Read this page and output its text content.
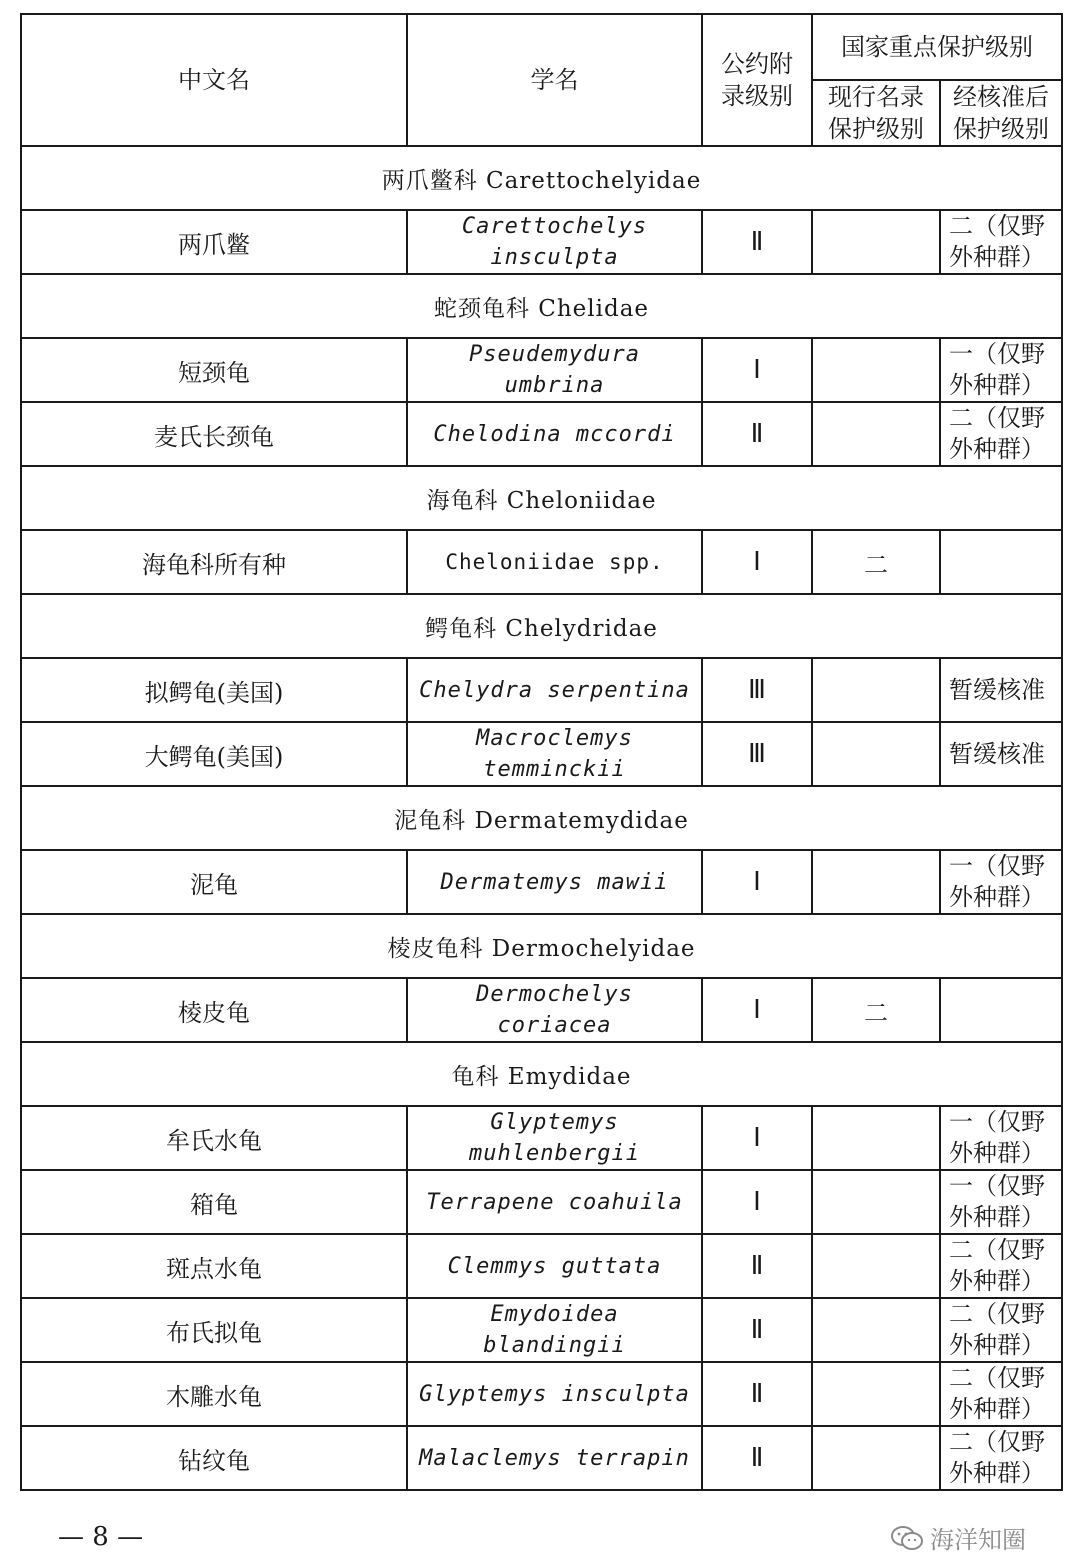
中文名	学名	公约附录级别	国家重点保护级别	
			现行名录保护级别	经核准后保护级别
两爪鳖科 Carettochelyidae				
两爪鳖	Carettochelys insculpta	Ⅱ		二（仅野外种群）
蛇颈龟科 Chelidae				
短颈龟	Pseudemydura umbrina	Ⅰ		一（仅野外种群）
麦氏长颈龟	Chelodina mccordi	Ⅱ		二（仅野外种群）
海龟科 Cheloniidae				
海龟科所有种	Cheloniidae spp.	Ⅰ	二	
鳄龟科 Chelydridae				
拟鳄龟(美国)	Chelydra serpentina	Ⅲ		暂缓核准
大鳄龟(美国)	Macroclemys temminckii	Ⅲ		暂缓核准
泥龟科 Dermatemydidae				
泥龟	Dermatemys mawii	Ⅰ		一（仅野外种群）
棱皮龟科 Dermochelyidae				
棱皮龟	Dermochelys coriacea	Ⅰ	二	
龟科 Emydidae				
牟氏水龟	Glyptemys muhlenbergii	Ⅰ		一（仅野外种群）
箱龟	Terrapene coahuila	Ⅰ		一（仅野外种群）
斑点水龟	Clemmys guttata	Ⅱ		二（仅野外种群）
布氏拟龟	Emydoidea blandingii	Ⅱ		二（仅野外种群）
木雕水龟	Glyptemys insculpta	Ⅱ		二（仅野外种群）
钻纹龟	Malaclemys terrapin	Ⅱ		二（仅野外种群）
— 8 —	海洋知圈
